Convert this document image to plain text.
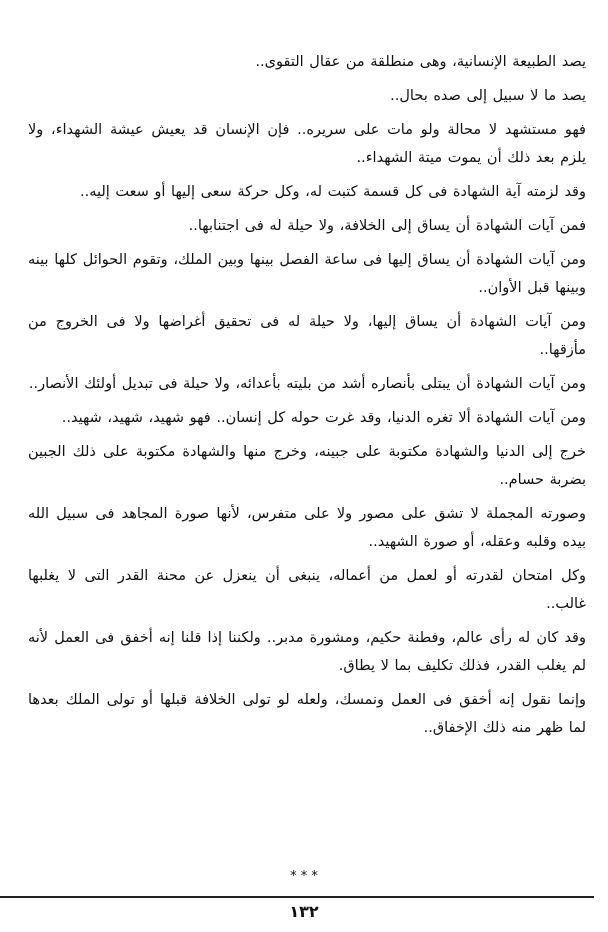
يصد الطبيعة الإنسانية، وهى منطلقة من عقال التقوى..

يصد ما لا سبيل إلى صده بحال..

فهو مستشهد لا محالة ولو مات على سريره.. فإن الإنسان قد يعيش عيشة الشهداء، ولا يلزم بعد ذلك أن يموت ميتة الشهداء..

وقد لزمته آية الشهادة فى كل قسمة كتبت له، وكل حركة سعى إليها أو سعت إليه..

فمن آيات الشهادة أن يساق إلى الخلافة، ولا حيلة له فى اجتنابها..

ومن آيات الشهادة أن يساق إليها فى ساعة الفصل بينها وبين الملك، وتقوم الحوائل كلها بينه وبينها قبل الأوان..

ومن آيات الشهادة أن يساق إليها، ولا حيلة له فى تحقيق أغراضها ولا فى الخروج من مأزقها..

ومن آيات الشهادة أن يبتلى بأنصاره أشد من بليته بأعدائه، ولا حيلة فى تبديل أولئك الأنصار..

ومن آيات الشهادة ألا تغره الدنيا، وقد غرت حوله كل إنسان.. فهو شهيد، شهيد، شهيد..

خرج إلى الدنيا والشهادة مكتوبة على جبينه، وخرج منها والشهادة مكتوبة على ذلك الجبين بضربة حسام..

وصورته المجملة لا تشق على مصور ولا على متفرس، لأنها صورة المجاهد فى سبيل الله بيده وقلبه وعقله، أو صورة الشهيد..

وكل امتحان لقدرته أو لعمل من أعماله، ينبغى أن ينعزل عن محنة القدر التى لا يغلبها غالب..

وقد كان له رأى عالم، وفطنة حكيم، ومشورة مدبر.. ولكننا إذا قلنا إنه أخفق فى العمل لأنه لم يغلب القدر، فذلك تكليف بما لا يطاق.

وإنما نقول إنه أخفق فى العمل ونمسك، ولعله لو تولى الخلافة قبلها أو تولى الملك بعدها لما ظهر منه ذلك الإخفاق..

* * *
١٣٢
